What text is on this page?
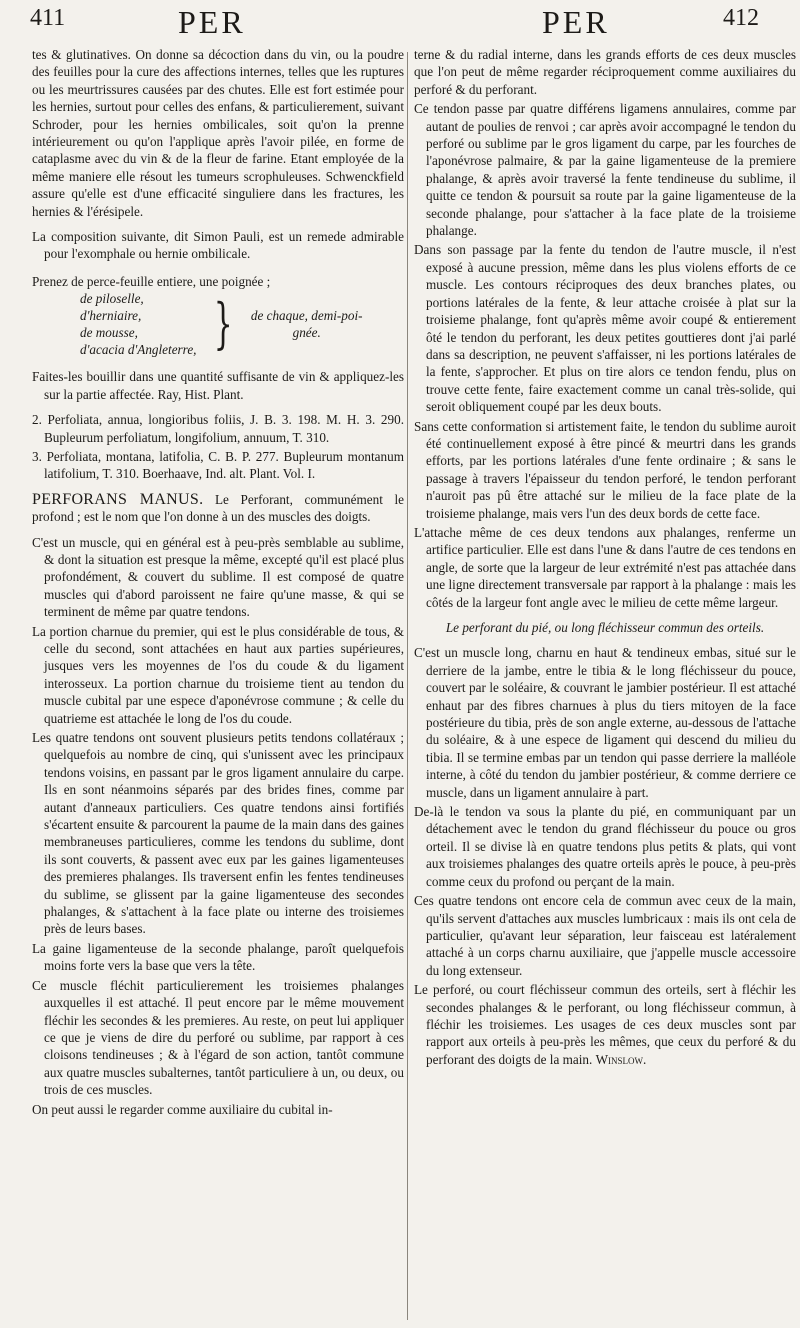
411	PER	PER	412

tes & glutinatives. On donne sa décoction dans du vin, ou la poudre des feuilles pour la cure des affections internes, telles que les ruptures ou les meurtrissures causées par des chutes. Elle est fort estimée pour les hernies, surtout pour celles des enfans, & particulierement, suivant Schroder, pour les hernies ombilicales, soit qu'on la prenne intérieurement ou qu'on l'applique après l'avoir pilée, en forme de cataplasme avec du vin & de la fleur de farine. Etant employée de la même maniere elle résout les tumeurs scrophuleuses. Schwenckfield assure qu'elle est d'une efficacité singuliere dans les fractures, les hernies & l'érésipele.

La composition suivante, dit Simon Pauli, est un remede admirable pour l'exomphale ou hernie ombilicale.

Prenez de perce-feuille entiere, une poignée ;
de piloselle,
d'herniaire,
de mousse,
d'acacia d'Angleterre, } de chaque, demi-poi-
gnée.

Faites-les bouillir dans une quantité suffisante de vin & appliquez-les sur la partie affectée. Ray, Hist. Plant.

2. Perfoliata, annua, longioribus foliis, J. B. 3. 198. M. H. 3. 290. Bupleurum perfoliatum, longifolium, annuum, T. 310.

3. Perfoliata, montana, latifolia, C. B. P. 277. Bupleurum montanum latifolium, T. 310. Boerhaave, Ind. alt. Plant. Vol. I.

PERFORANS MANUS. Le Perforant, communément le profond ; est le nom que l'on donne à un des muscles des doigts.

C'est un muscle, qui en général est à peu-près semblable au sublime, & dont la situation est presque la même, excepté qu'il est placé plus profondément, & couvert du sublime. Il est composé de quatre muscles qui d'abord paroissent ne faire qu'une masse, & qui se terminent de même par quatre tendons.

La portion charnue du premier, qui est le plus considérable de tous, & celle du second, sont attachées en haut aux parties supérieures, jusques vers les moyennes de l'os du coude & du ligament interosseux. La portion charnue du troisieme tient au tendon du muscle cubital par une espece d'aponévrose commune ; & celle du quatrieme est attachée le long de l'os du coude.

Les quatre tendons ont souvent plusieurs petits tendons collatéraux ; quelquefois au nombre de cinq, qui s'unissent avec les principaux tendons voisins, en passant par le gros ligament annulaire du carpe. Ils en sont néanmoins séparés par des brides fines, comme par autant d'anneaux particuliers. Ces quatre tendons ainsi fortifiés s'écartent ensuite & parcourent la paume de la main dans des gaines membraneuses particulieres, comme les tendons du sublime, dont ils sont couverts, & passent avec eux par les gaines ligamenteuses des premieres phalanges. Ils traversent enfin les fentes tendineuses du sublime, se glissent par la gaine ligamenteuse des secondes phalanges, & s'attachent à la face plate ou interne des troisiemes près de leurs bases.

La gaine ligamenteuse de la seconde phalange, paroît quelquefois moins forte vers la base que vers la tête.

Ce muscle fléchit particulierement les troisiemes phalanges auxquelles il est attaché. Il peut encore par le même mouvement fléchir les secondes & les premieres. Au reste, on peut lui appliquer ce que je viens de dire du perforé ou sublime, par rapport à ces cloisons tendineuses ; & à l'égard de son action, tantôt commune aux quatre muscles subalternes, tantôt particuliere à un, ou deux, ou trois de ces muscles.

On peut aussi le regarder comme auxiliaire du cubital in-

terne & du radial interne, dans les grands efforts de ces deux muscles que l'on peut de même regarder réciproquement comme auxiliaires du perforé & du perforant.

Ce tendon passe par quatre différens ligamens annulaires, comme par autant de poulies de renvoi ; car après avoir accompagné le tendon du perforé ou sublime par le gros ligament du carpe, par les fourches de l'aponévrose palmaire, & par la gaine ligamenteuse de la premiere phalange, & après avoir traversé la fente tendineuse du sublime, il quitte ce tendon & poursuit sa route par la gaine ligamenteuse de la seconde phalange, pour s'attacher à la face plate de la troisieme phalange.

Dans son passage par la fente du tendon de l'autre muscle, il n'est exposé à aucune pression, même dans les plus violens efforts de ce muscle. Les contours réciproques des deux branches plates, ou portions latérales de la fente, & leur attache croisée à plat sur la troisieme phalange, font qu'après même avoir coupé & entierement ôté le tendon du perforant, les deux petites gouttieres dont j'ai parlé dans sa description, ne peuvent s'affaisser, ni les portions latérales de la fente, s'approcher. Et plus on tire alors ce tendon fendu, plus on trouve cette fente, faire exactement comme un canal très-solide, qui seroit obliquement coupé par les deux bouts.

Sans cette conformation si artistement faite, le tendon du sublime auroit été continuellement exposé à être pincé & meurtri dans les grands efforts, par les portions latérales d'une fente ordinaire ; & sans le passage à travers l'épaisseur du tendon perforé, le tendon perforant n'auroit pas pû être attaché sur le milieu de la face plate de la troisieme phalange, mais vers l'un des deux bords de cette face.

L'attache même de ces deux tendons aux phalanges, renferme un artifice particulier. Elle est dans l'une & dans l'autre de ces tendons en angle, de sorte que la largeur de leur extrémité n'est pas attachée dans une ligne directement transversale par rapport à la phalange : mais les côtés de la largeur font angle avec le milieu de cette même largeur.

Le perforant du pié, ou long fléchisseur commun des orteils.

C'est un muscle long, charnu en haut & tendineux embas, situé sur le derriere de la jambe, entre le tibia & le long fléchisseur du pouce, couvert par le soléaire, & couvrant le jambier postérieur. Il est attaché enhaut par des fibres charnues à plus du tiers mitoyen de la face postérieure du tibia, près de son angle externe, au-dessous de l'attache du soléaire, & à une espece de ligament qui descend du milieu du tibia. Il se termine embas par un tendon qui passe derriere la malléole interne, à côté du tendon du jambier postérieur, & comme derriere ce muscle, dans un ligament annulaire à part.

De-là le tendon va sous la plante du pié, en communiquant par un détachement avec le tendon du grand fléchisseur du pouce ou gros orteil. Il se divise là en quatre tendons plus petits & plats, qui vont aux troisiemes phalanges des quatre orteils après le pouce, à peu-près comme ceux du profond ou perçant de la main.

Ces quatre tendons ont encore cela de commun avec ceux de la main, qu'ils servent d'attaches aux muscles lumbricaux : mais ils ont cela de particulier, qu'avant leur séparation, leur faisceau est latéralement attaché à un corps charnu auxiliaire, que j'appelle muscle accessoire du long extenseur.

Le perforé, ou court fléchisseur commun des orteils, sert à fléchir les secondes phalanges & le perforant, ou long fléchisseur commun, à fléchir les troisiemes. Les usages de ces deux muscles sont par rapport aux orteils à peu-près les mêmes, que ceux du perforé & du perforant des doigts de la main. Winslow.
